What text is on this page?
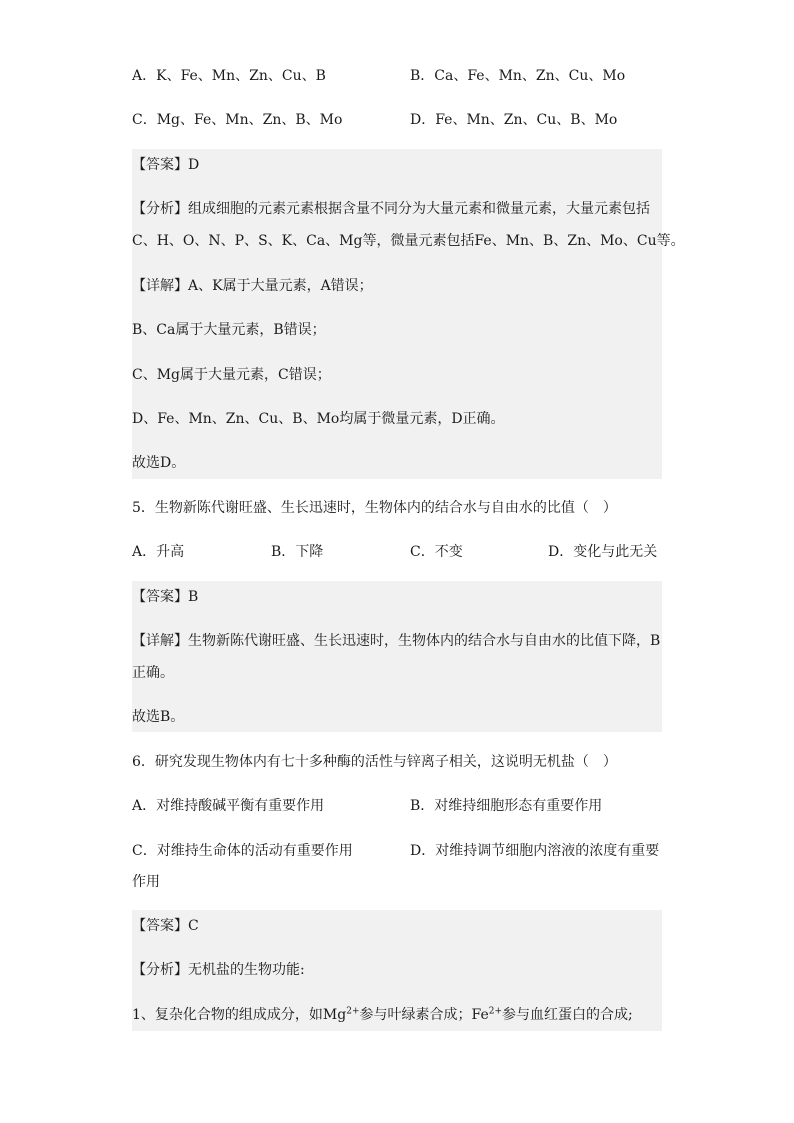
A．K、Fe、Mn、Zn、Cu、B	B．Ca、Fe、Mn、Zn、Cu、Mo
C．Mg、Fe、Mn、Zn、B、Mo	D．Fe、Mn、Zn、Cu、B、Mo
【答案】D
【分析】组成细胞的元素元素根据含量不同分为大量元素和微量元素，大量元素包括
C、H、O、N、P、S、K、Ca、Mg等，微量元素包括Fe、Mn、B、Zn、Mo、Cu等。
【详解】A、K属于大量元素，A错误；
B、Ca属于大量元素，B错误；
C、Mg属于大量元素，C错误；
D、Fe、Mn、Zn、Cu、B、Mo均属于微量元素，D正确。
故选D。
5．生物新陈代谢旺盛、生长迅速时，生物体内的结合水与自由水的比值（　）
A．升高	B．下降	C．不变	D．变化与此无关
【答案】B
【详解】生物新陈代谢旺盛、生长迅速时，生物体内的结合水与自由水的比值下降，B
正确。
故选B。
6．研究发现生物体内有七十多种酶的活性与锌离子相关，这说明无机盐（　）
A．对维持酸碱平衡有重要作用	B．对维持细胞形态有重要作用
C．对维持生命体的活动有重要作用	D．对维持调节细胞内溶液的浓度有重要
作用
【答案】C
【分析】无机盐的生物功能:
1、复杂化合物的组成成分，如$Mg^{2+}$参与叶绿素合成；$Fe^{2+}$参与血红蛋白的合成;
